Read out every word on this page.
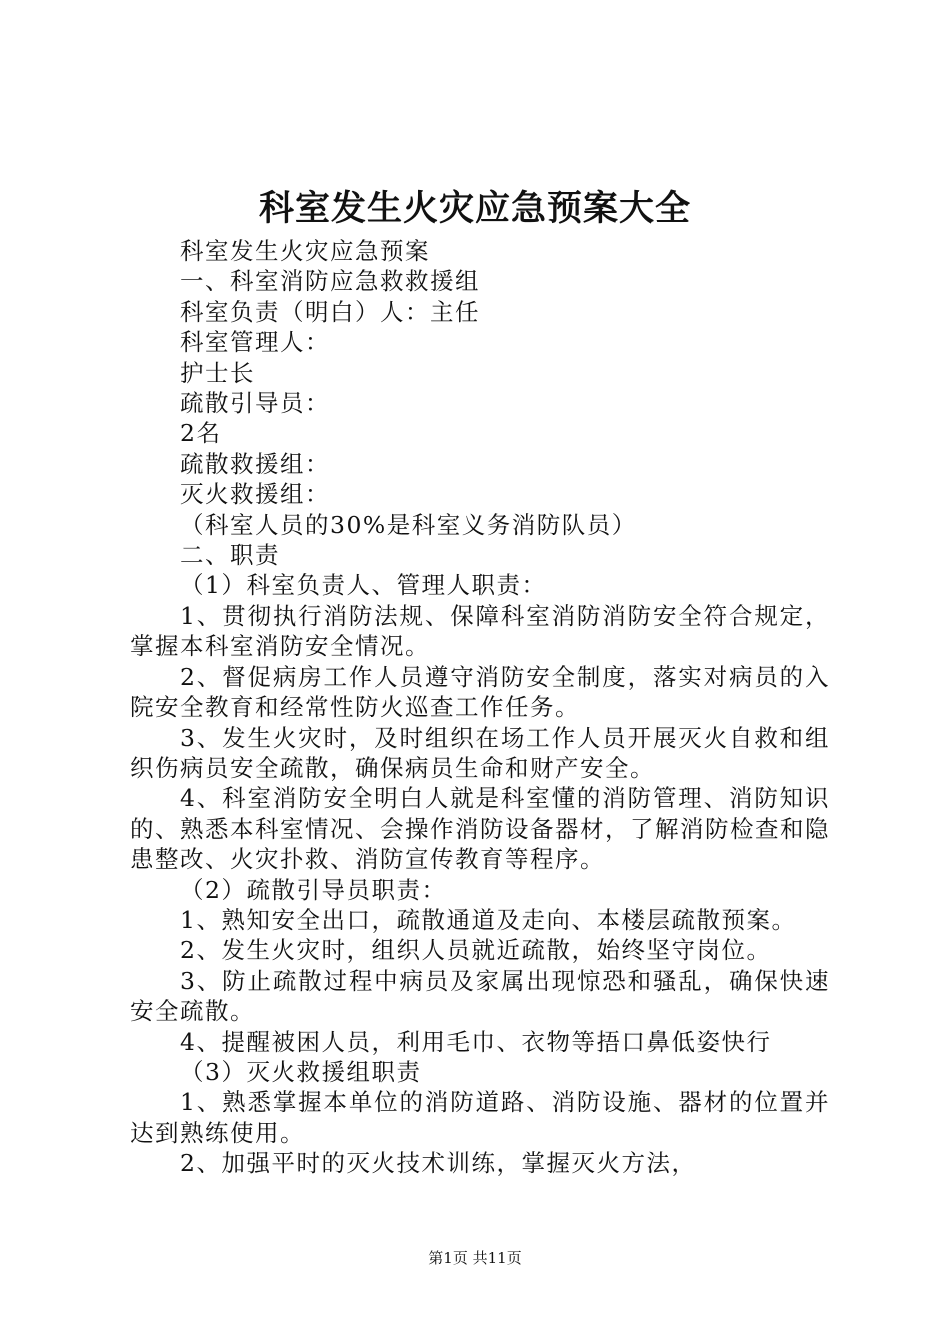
科室发生火灾应急预案大全

科室发生火灾应急预案

一、科室消防应急救救援组

科室负责（明白）人：主任

科室管理人：

护士长

疏散引导员：

2名

疏散救援组：

灭火救援组：

（科室人员的30%是科室义务消防队员）

二、职责

（1）科室负责人、管理人职责：

1、贯彻执行消防法规、保障科室消防消防安全符合规定，掌握本科室消防安全情况。

2、督促病房工作人员遵守消防安全制度，落实对病员的入院安全教育和经常性防火巡查工作任务。

3、发生火灾时，及时组织在场工作人员开展灭火自救和组织伤病员安全疏散，确保病员生命和财产安全。

4、科室消防安全明白人就是科室懂的消防管理、消防知识的、熟悉本科室情况、会操作消防设备器材，了解消防检查和隐患整改、火灾扑救、消防宣传教育等程序。

（2）疏散引导员职责：

1、熟知安全出口，疏散通道及走向、本楼层疏散预案。

2、发生火灾时，组织人员就近疏散，始终坚守岗位。

3、防止疏散过程中病员及家属出现惊恐和骚乱，确保快速安全疏散。

4、提醒被困人员，利用毛巾、衣物等捂口鼻低姿快行

（3）灭火救援组职责

1、熟悉掌握本单位的消防道路、消防设施、器材的位置并达到熟练使用。

2、加强平时的灭火技术训练，掌握灭火方法，

第1页 共11页
